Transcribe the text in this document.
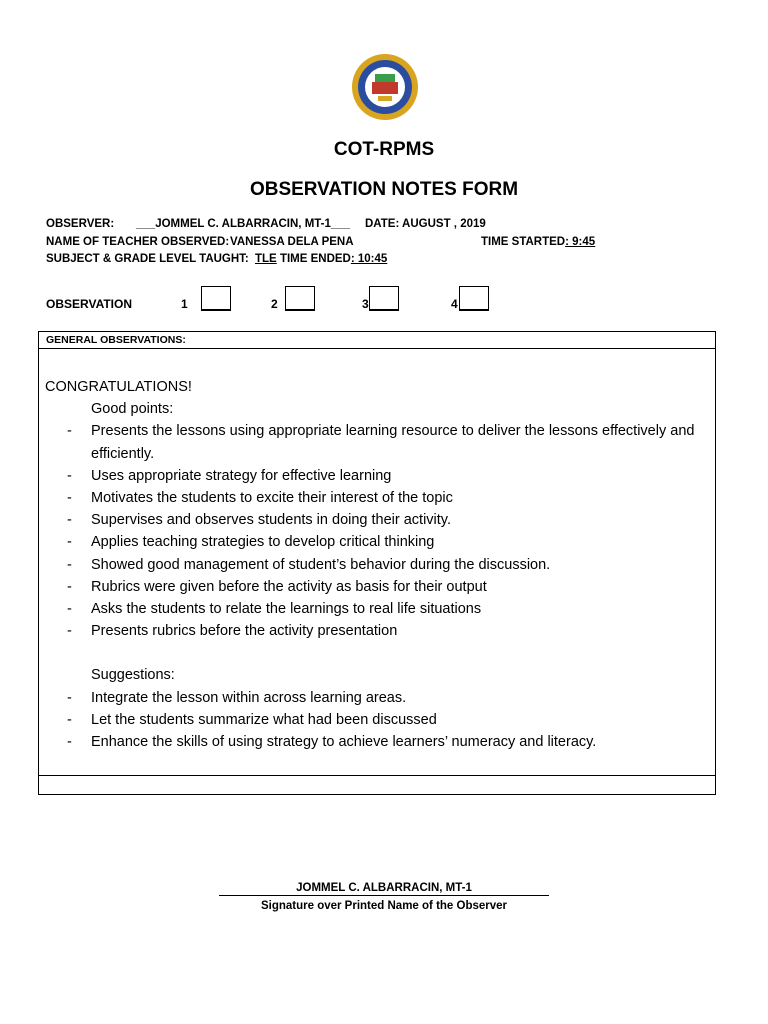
COT-RPMS
OBSERVATION NOTES FORM
OBSERVER: ___JOMMEL C. ALBARRACIN, MT-1___ DATE: AUGUST , 2019
NAME OF TEACHER OBSERVED: VANESSA DELA PENA	TIME STARTED: 9:45
SUBJECT & GRADE LEVEL TAUGHT: TLE TIME ENDED: 10:45
OBSERVATION	1	2	3	4
GENERAL OBSERVATIONS:

CONGRATULATIONS!

Good points:

- Presents the lessons using appropriate learning resource to deliver the lessons effectively and efficiently.
- Uses appropriate strategy for effective learning
- Motivates the students to excite their interest of the topic
- Supervises and observes students in doing their activity.
- Applies teaching strategies to develop critical thinking
- Showed good management of student’s behavior during the discussion.
- Rubrics were given before the activity as basis for their output
- Asks the students to relate the learnings to real life situations
- Presents rubrics before the activity presentation

Suggestions:

- Integrate the lesson within across learning areas.
- Let the students summarize what had been discussed
- Enhance the skills of using strategy to achieve learners’ numeracy and literacy.
JOMMEL C. ALBARRACIN, MT-1
Signature over Printed Name of the Observer
